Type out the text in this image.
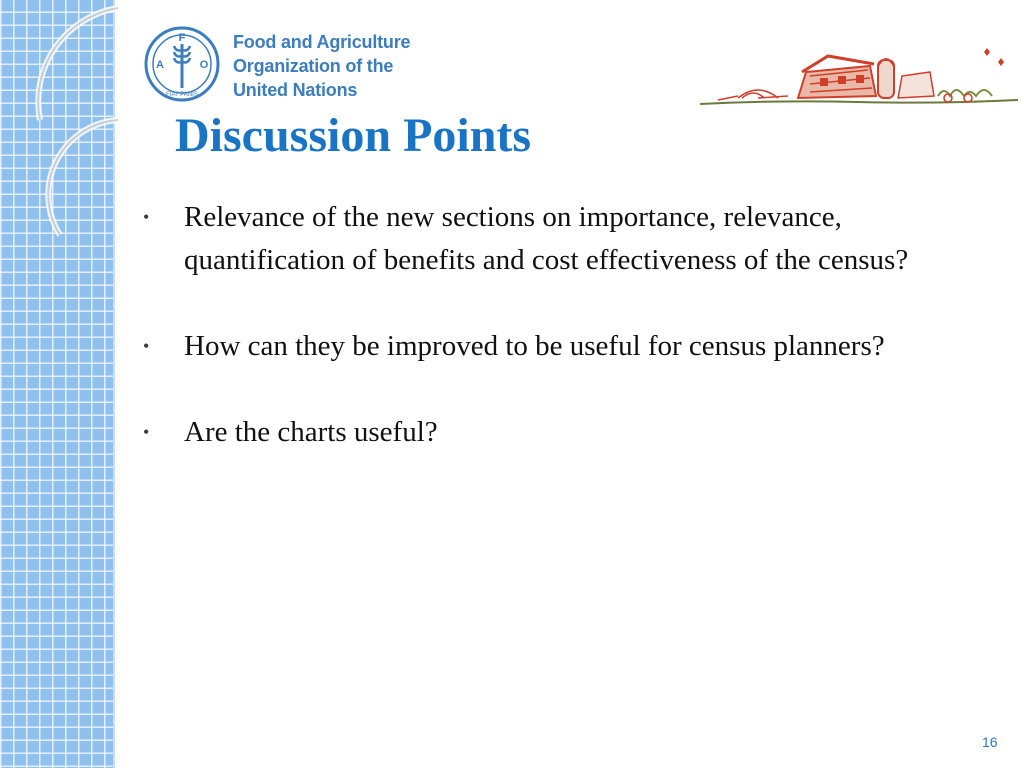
F
A	O
FIAT PANIS
Food and Agriculture
Organization of the
United Nations
Discussion Points
• Relevance of the new sections on importance, relevance, quantification of benefits and cost effectiveness of the census?
• How can they be improved to be useful for census planners?
• Are the charts useful?
16
